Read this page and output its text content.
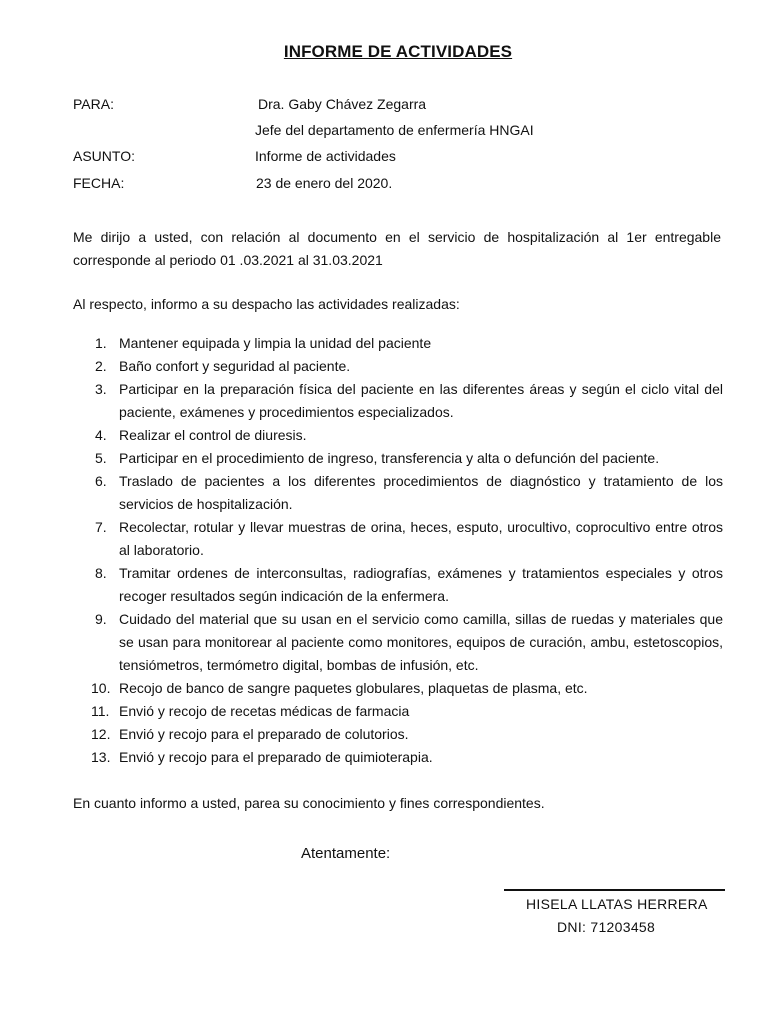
INFORME DE ACTIVIDADES
PARA:	Dra. Gaby Chávez Zegarra
Jefe del departamento de enfermería HNGAI
ASUNTO:	Informe de actividades
FECHA:	23 de enero del 2020.
Me dirijo a usted, con relación al documento en el servicio de hospitalización al 1er entregable corresponde al periodo 01 .03.2021 al 31.03.2021
Al respecto, informo a su despacho las actividades realizadas:
1. Mantener equipada y limpia la unidad del paciente
2. Baño confort y seguridad al paciente.
3. Participar en la preparación física del paciente en las diferentes áreas y según el ciclo vital del paciente, exámenes y procedimientos especializados.
4. Realizar el control de diuresis.
5. Participar en el procedimiento de ingreso, transferencia y alta o defunción del paciente.
6. Traslado de pacientes a los diferentes procedimientos de diagnóstico y tratamiento de los servicios de hospitalización.
7. Recolectar, rotular y llevar muestras de orina, heces, esputo, urocultivo, coprocultivo entre otros al laboratorio.
8. Tramitar ordenes de interconsultas, radiografías, exámenes y tratamientos especiales y otros recoger resultados según indicación de la enfermera.
9. Cuidado del material que su usan en el servicio como camilla, sillas de ruedas y materiales que se usan para monitorear al paciente como monitores, equipos de curación, ambu, estetoscopios, tensiómetros, termómetro digital, bombas de infusión, etc.
10. Recojo de banco de sangre paquetes globulares, plaquetas de plasma, etc.
11. Envió y recojo de recetas médicas de farmacia
12. Envió y recojo para el preparado de colutorios.
13. Envió y recojo para el preparado de quimioterapia.
En cuanto informo a usted, parea su conocimiento y fines correspondientes.
Atentamente:
HISELA LLATAS HERRERA
DNI: 71203458
